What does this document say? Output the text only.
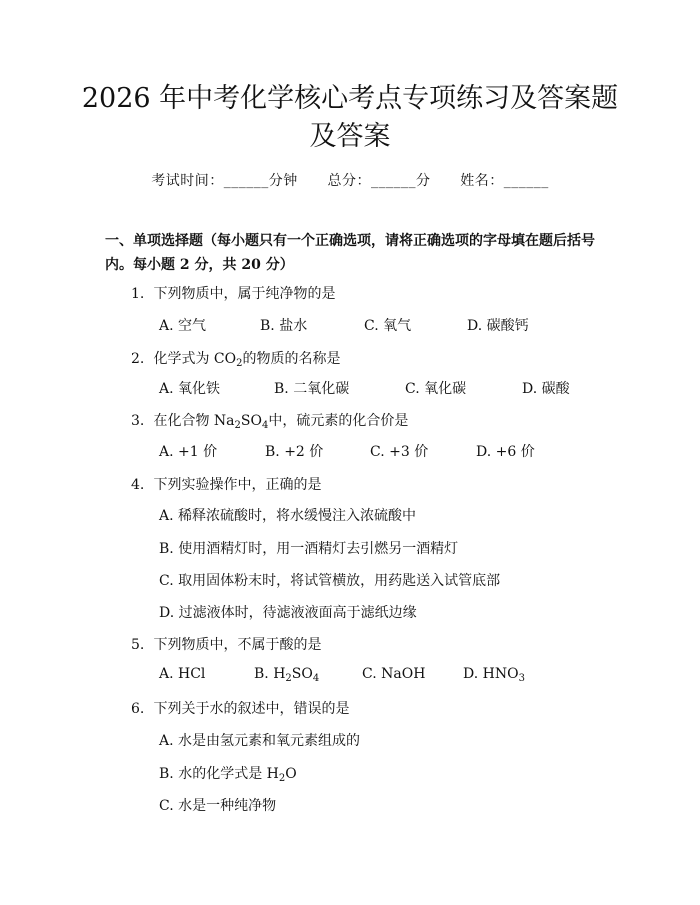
2026 年中考化学核心考点专项练习及答案题
及答案
考试时间：______分钟 总分：______分 姓名：______
一、单项选择题（每小题只有一个正确选项，请将正确选项的字母填在题后括号内。每小题 2 分，共 20 分）
1. 下列物质中，属于纯净物的是
A. 空气	B. 盐水	C. 氧气	D. 碳酸钙
2. 化学式为 $CO_2$的物质的名称是
A. 氧化铁	B. 二氧化碳	C. 氧化碳	D. 碳酸
3. 在化合物 $Na_2SO_4$中，硫元素的化合价是
A. +1 价	B. +2 价	C. +3 价	D. +6 价
4. 下列实验操作中，正确的是
A. 稀释浓硫酸时，将水缓慢注入浓硫酸中
B. 使用酒精灯时，用一酒精灯去引燃另一酒精灯
C. 取用固体粉末时，将试管横放，用药匙送入试管底部
D. 过滤液体时，待滤液液面高于滤纸边缘
5. 下列物质中，不属于酸的是
A. HCl	B. $H_2SO_4$	C. NaOH	D. $HNO_3$
6. 下列关于水的叙述中，错误的是
A. 水是由氢元素和氧元素组成的
B. 水的化学式是 $H_2O$
C. 水是一种纯净物
